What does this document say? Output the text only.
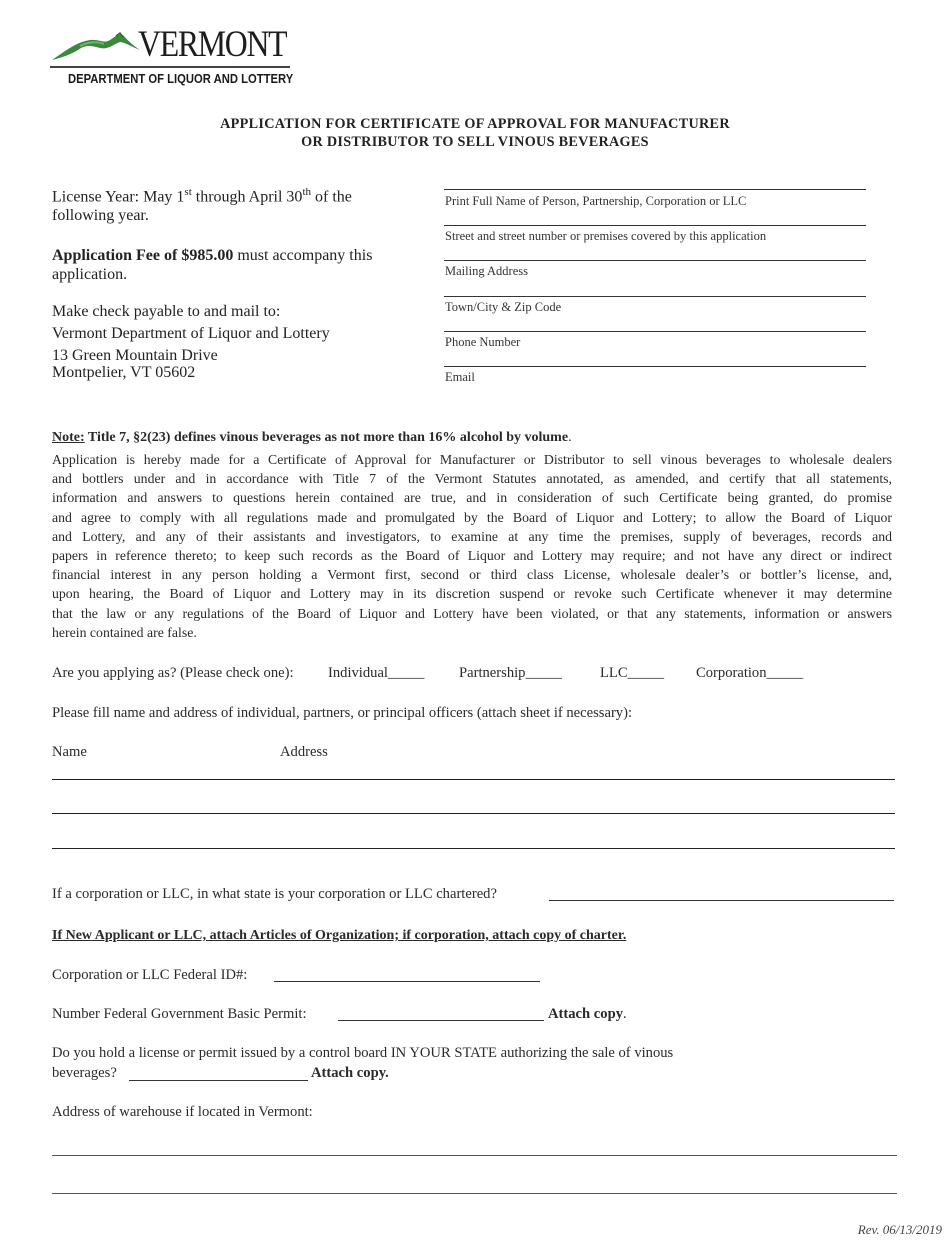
VERMONT
DEPARTMENT OF LIQUOR AND LOTTERY
APPLICATION FOR CERTIFICATE OF APPROVAL FOR MANUFACTURER
OR DISTRIBUTOR TO SELL VINOUS BEVERAGES
License Year: May 1st through April 30th of the
following year.
Application Fee of $985.00 must accompany this
application.
Make check payable to and mail to:
Vermont Department of Liquor and Lottery
13 Green Mountain Drive
Montpelier, VT 05602
Print Full Name of Person, Partnership, Corporation or LLC
Street and street number or premises covered by this application
Mailing Address
Town/City & Zip Code
Phone Number
Email
Note: Title 7, §2(23) defines vinous beverages as not more than 16% alcohol by volume.
Application is hereby made for a Certificate of Approval for Manufacturer or Distributor to sell vinous beverages to wholesale dealers
and bottlers under and in accordance with Title 7 of the Vermont Statutes annotated, as amended, and certify that all statements,
information and answers to questions herein contained are true, and in consideration of such Certificate being granted, do promise
and agree to comply with all regulations made and promulgated by the Board of Liquor and Lottery; to allow the Board of Liquor
and Lottery, and any of their assistants and investigators, to examine at any time the premises, supply of beverages, records and
papers in reference thereto; to keep such records as the Board of Liquor and Lottery may require; and not have any direct or indirect
financial interest in any person holding a Vermont first, second or third class License, wholesale dealer’s or bottler’s license, and,
upon hearing, the Board of Liquor and Lottery may in its discretion suspend or revoke such Certificate whenever it may determine
that the law or any regulations of the Board of Liquor and Lottery have been violated, or that any statements, information or answers
herein contained are false.
Are you applying as? (Please check one): Individual_____ Partnership_____	LLC_____ Corporation_____
Please fill name and address of individual, partners, or principal officers (attach sheet if necessary):
Name	Address
If a corporation or LLC, in what state is your corporation or LLC chartered?
If New Applicant or LLC, attach Articles of Organization; if corporation, attach copy of charter.
Corporation or LLC Federal ID#:
Number Federal Government Basic Permit:	Attach copy.
Do you hold a license or permit issued by a control board IN YOUR STATE authorizing the sale of vinous
beverages?	Attach copy.
Address of warehouse if located in Vermont:
Rev. 06/13/2019
